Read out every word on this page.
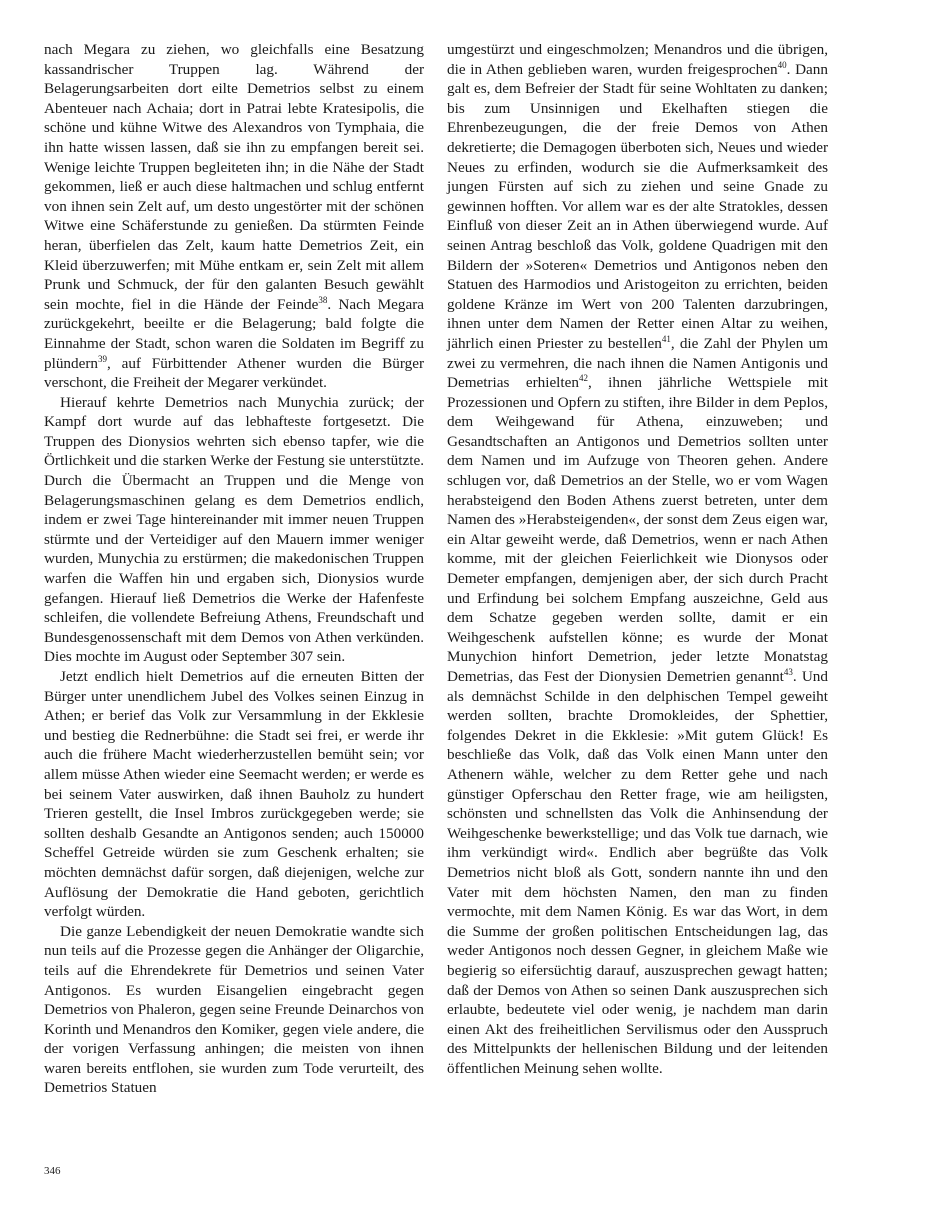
nach Megara zu ziehen, wo gleichfalls eine Besatzung kassandrischer Truppen lag. Während der Belagerungsarbeiten dort eilte Demetrios selbst zu einem Abenteuer nach Achaia; dort in Patrai lebte Kratesipolis, die schöne und kühne Witwe des Alexandros von Tymphaia, die ihn hatte wissen lassen, daß sie ihn zu empfangen bereit sei. Wenige leichte Truppen begleiteten ihn; in die Nähe der Stadt gekommen, ließ er auch diese haltmachen und schlug entfernt von ihnen sein Zelt auf, um desto ungestörter mit der schönen Witwe eine Schäferstunde zu genießen. Da stürmten Feinde heran, überfielen das Zelt, kaum hatte Demetrios Zeit, ein Kleid überzuwerfen; mit Mühe entkam er, sein Zelt mit allem Prunk und Schmuck, der für den galanten Besuch gewählt sein mochte, fiel in die Hände der Feinde$^{38}$. Nach Megara zurückgekehrt, beeilte er die Belagerung; bald folgte die Einnahme der Stadt, schon waren die Soldaten im Begriff zu plündern$^{39}$, auf Fürbittender Athener wurden die Bürger verschont, die Freiheit der Megarer verkündet.

Hierauf kehrte Demetrios nach Munychia zurück; der Kampf dort wurde auf das lebhafteste fortgesetzt. Die Truppen des Dionysios wehrten sich ebenso tapfer, wie die Örtlichkeit und die starken Werke der Festung sie unterstützte. Durch die Übermacht an Truppen und die Menge von Belagerungsmaschinen gelang es dem Demetrios endlich, indem er zwei Tage hintereinander mit immer neuen Truppen stürmte und der Verteidiger auf den Mauern immer weniger wurden, Munychia zu erstürmen; die makedonischen Truppen warfen die Waffen hin und ergaben sich, Dionysios wurde gefangen. Hierauf ließ Demetrios die Werke der Hafenfeste schleifen, die vollendete Befreiung Athens, Freundschaft und Bundesgenossenschaft mit dem Demos von Athen verkünden. Dies mochte im August oder September 307 sein.

Jetzt endlich hielt Demetrios auf die erneuten Bitten der Bürger unter unendlichem Jubel des Volkes seinen Einzug in Athen; er berief das Volk zur Versammlung in der Ekklesie und bestieg die Rednerbühne: die Stadt sei frei, er werde ihr auch die frühere Macht wiederherzustellen bemüht sein; vor allem müsse Athen wieder eine Seemacht werden; er werde es bei seinem Vater auswirken, daß ihnen Bauholz zu hundert Trieren gestellt, die Insel Imbros zurückgegeben werde; sie sollten deshalb Gesandte an Antigonos senden; auch 150000 Scheffel Getreide würden sie zum Geschenk erhalten; sie möchten demnächst dafür sorgen, daß diejenigen, welche zur Auflösung der Demokratie die Hand geboten, gerichtlich verfolgt würden.

Die ganze Lebendigkeit der neuen Demokratie wandte sich nun teils auf die Prozesse gegen die Anhänger der Oligarchie, teils auf die Ehrendekrete für Demetrios und seinen Vater Antigonos. Es wurden Eisangelien eingebracht gegen Demetrios von Phaleron, gegen seine Freunde Deinarchos von Korinth und Menandros den Komiker, gegen viele andere, die der vorigen Verfassung anhingen; die meisten von ihnen waren bereits entflohen, sie wurden zum Tode verurteilt, des Demetrios Statuen

umgestürzt und eingeschmolzen; Menandros und die übrigen, die in Athen geblieben waren, wurden freigesprochen$^{40}$. Dann galt es, dem Befreier der Stadt für seine Wohltaten zu danken; bis zum Unsinnigen und Ekelhaften stiegen die Ehrenbezeugungen, die der freie Demos von Athen dekretierte; die Demagogen überboten sich, Neues und wieder Neues zu erfinden, wodurch sie die Aufmerksamkeit des jungen Fürsten auf sich zu ziehen und seine Gnade zu gewinnen hofften. Vor allem war es der alte Stratokles, dessen Einfluß von dieser Zeit an in Athen überwiegend wurde. Auf seinen Antrag beschloß das Volk, goldene Quadrigen mit den Bildern der »Soteren« Demetrios und Antigonos neben den Statuen des Harmodios und Aristogeiton zu errichten, beiden goldene Kränze im Wert von 200 Talenten darzubringen, ihnen unter dem Namen der Retter einen Altar zu weihen, jährlich einen Priester zu bestellen$^{41}$, die Zahl der Phylen um zwei zu vermehren, die nach ihnen die Namen Antigonis und Demetrias erhielten$^{42}$, ihnen jährliche Wettspiele mit Prozessionen und Opfern zu stiften, ihre Bilder in dem Peplos, dem Weihgewand für Athena, einzuweben; und Gesandtschaften an Antigonos und Demetrios sollten unter dem Namen und im Aufzuge von Theoren gehen. Andere schlugen vor, daß Demetrios an der Stelle, wo er vom Wagen herabsteigend den Boden Athens zuerst betreten, unter dem Namen des »Herabsteigenden«, der sonst dem Zeus eigen war, ein Altar geweiht werde, daß Demetrios, wenn er nach Athen komme, mit der gleichen Feierlichkeit wie Dionysos oder Demeter empfangen, demjenigen aber, der sich durch Pracht und Erfindung bei solchem Empfang auszeichne, Geld aus dem Schatze gegeben werden sollte, damit er ein Weihgeschenk aufstellen könne; es wurde der Monat Munychion hinfort Demetrion, jeder letzte Monatstag Demetrias, das Fest der Dionysien Demetrien genannt$^{43}$. Und als demnächst Schilde in den delphischen Tempel geweiht werden sollten, brachte Dromokleides, der Sphettier, folgendes Dekret in die Ekklesie: »Mit gutem Glück! Es beschließe das Volk, daß das Volk einen Mann unter den Athenern wähle, welcher zu dem Retter gehe und nach günstiger Opferschau den Retter frage, wie am heiligsten, schönsten und schnellsten das Volk die Anhinsendung der Weihgeschenke bewerkstellige; und das Volk tue darnach, wie ihm verkündigt wird«. Endlich aber begrüßte das Volk Demetrios nicht bloß als Gott, sondern nannte ihn und den Vater mit dem höchsten Namen, den man zu finden vermochte, mit dem Namen König. Es war das Wort, in dem die Summe der großen politischen Entscheidungen lag, das weder Antigonos noch dessen Gegner, in gleichem Maße wie begierig so eifersüchtig darauf, auszusprechen gewagt hatten; daß der Demos von Athen so seinen Dank auszusprechen sich erlaubte, bedeutete viel oder wenig, je nachdem man darin einen Akt des freiheitlichen Servilismus oder den Ausspruch des Mittelpunkts der hellenischen Bildung und der leitenden öffentlichen Meinung sehen wollte.

346
